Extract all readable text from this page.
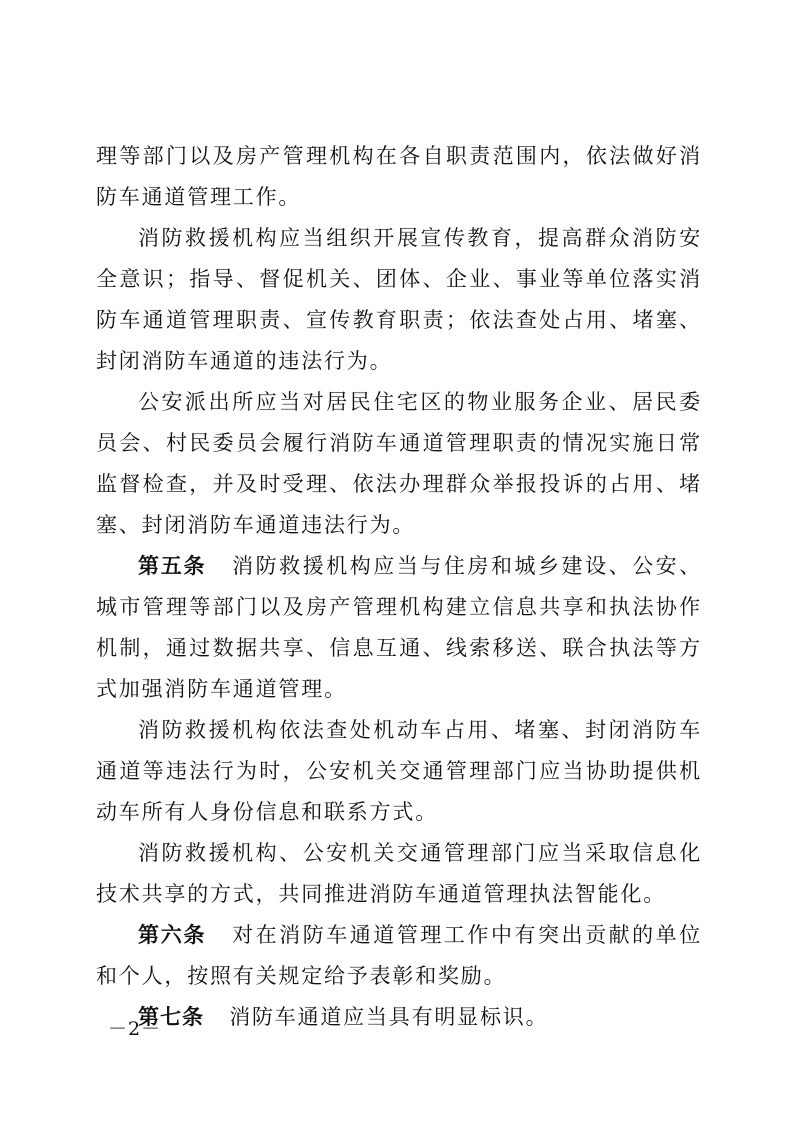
理等部门以及房产管理机构在各自职责范围内，依法做好消防车通道管理工作。

消防救援机构应当组织开展宣传教育，提高群众消防安全意识；指导、督促机关、团体、企业、事业等单位落实消防车通道管理职责、宣传教育职责；依法查处占用、堵塞、封闭消防车通道的违法行为。

公安派出所应当对居民住宅区的物业服务企业、居民委员会、村民委员会履行消防车通道管理职责的情况实施日常监督检查，并及时受理、依法办理群众举报投诉的占用、堵塞、封闭消防车通道违法行为。

第五条 消防救援机构应当与住房和城乡建设、公安、城市管理等部门以及房产管理机构建立信息共享和执法协作机制，通过数据共享、信息互通、线索移送、联合执法等方式加强消防车通道管理。

消防救援机构依法查处机动车占用、堵塞、封闭消防车通道等违法行为时，公安机关交通管理部门应当协助提供机动车所有人身份信息和联系方式。

消防救援机构、公安机关交通管理部门应当采取信息化技术共享的方式，共同推进消防车通道管理执法智能化。

第六条 对在消防车通道管理工作中有突出贡献的单位和个人，按照有关规定给予表彰和奖励。

第七条 消防车通道应当具有明显标识。

－2－
